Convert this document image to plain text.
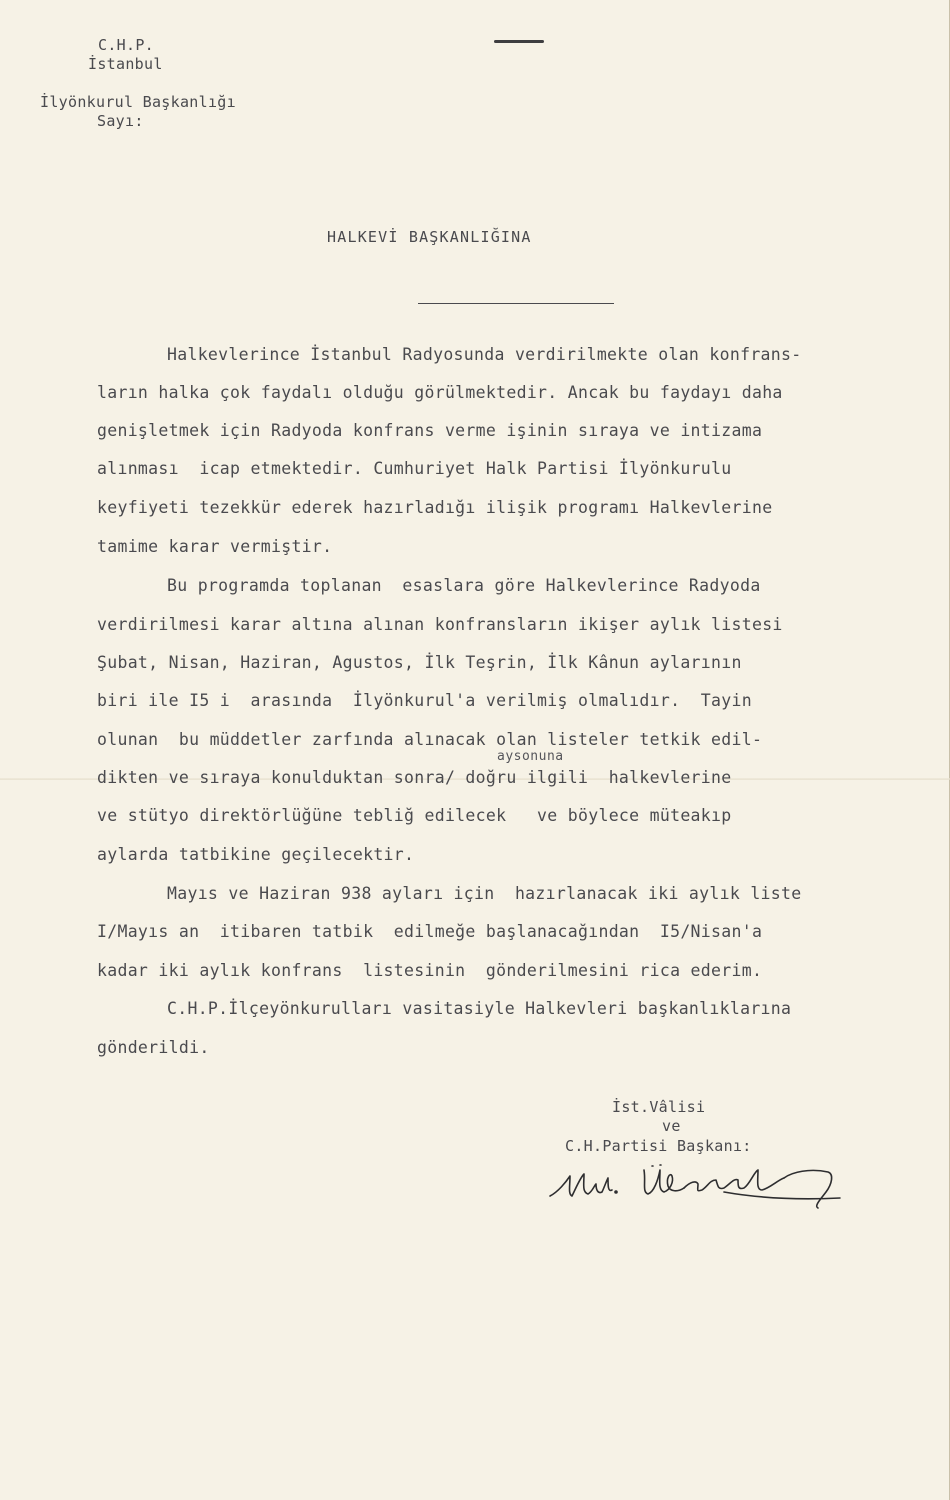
C.H.P.
İstanbul
İlyönkurul Başkanlığı
Sayı:
HALKEVİ BAŞKANLIĞINA
Halkevlerince İstanbul Radyosunda verdirilmekte olan konfrans-
ların halka çok faydalı olduğu görülmektedir. Ancak bu faydayı daha
genişletmek için Radyoda konfrans verme işinin sıraya ve intizama
alınması  icap etmektedir. Cumhuriyet Halk Partisi İlyönkurulu
keyfiyeti tezekkür ederek hazırladığı ilişik programı Halkevlerine
tamime karar vermiştir.
Bu programda toplanan  esaslara göre Halkevlerince Radyoda
verdirilmesi karar altına alınan konfransların ikişer aylık listesi
Şubat, Nisan, Haziran, Agustos, İlk Teşrin, İlk Kânun aylarının
biri ile I5 i  arasında  İlyönkurul'a verilmiş olmalıdır.  Tayin
olunan  bu müddetler zarfında alınacak olan listeler tetkik edil-
aysonuna
dikten ve sıraya konulduktan sonra/ doğru ilgili  halkevlerine
ve stütyo direktörlüğüne tebliğ edilecek   ve böylece müteakıp
aylarda tatbikine geçilecektir.
Mayıs ve Haziran 938 ayları için  hazırlanacak iki aylık liste
I/Mayıs an  itibaren tatbik  edilmeğe başlanacağından  I5/Nisan'a
kadar iki aylık konfrans  listesinin  gönderilmesini rica ederim.
C.H.P.İlçeyönkurulları vasitasiyle Halkevleri başkanlıklarına
gönderildi.
İst.Vâlisi
ve
C.H.Partisi Başkanı:
